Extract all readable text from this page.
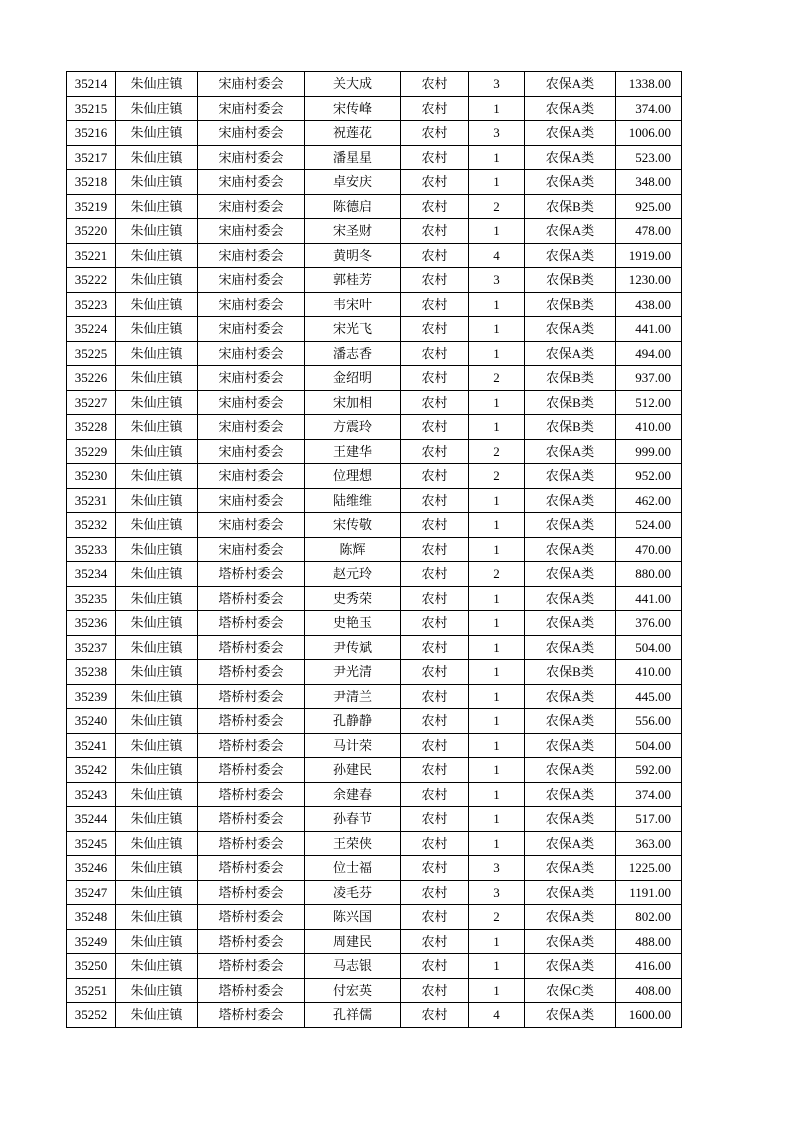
35214	朱仙庄镇	宋庙村委会	关大成	农村	3	农保A类	1338.00
35215	朱仙庄镇	宋庙村委会	宋传峰	农村	1	农保A类	374.00
35216	朱仙庄镇	宋庙村委会	祝莲花	农村	3	农保A类	1006.00
35217	朱仙庄镇	宋庙村委会	潘星星	农村	1	农保A类	523.00
35218	朱仙庄镇	宋庙村委会	卓安庆	农村	1	农保A类	348.00
35219	朱仙庄镇	宋庙村委会	陈德启	农村	2	农保B类	925.00
35220	朱仙庄镇	宋庙村委会	宋圣财	农村	1	农保A类	478.00
35221	朱仙庄镇	宋庙村委会	黄明冬	农村	4	农保A类	1919.00
35222	朱仙庄镇	宋庙村委会	郭桂芳	农村	3	农保B类	1230.00
35223	朱仙庄镇	宋庙村委会	韦宋叶	农村	1	农保B类	438.00
35224	朱仙庄镇	宋庙村委会	宋光飞	农村	1	农保A类	441.00
35225	朱仙庄镇	宋庙村委会	潘志香	农村	1	农保A类	494.00
35226	朱仙庄镇	宋庙村委会	金绍明	农村	2	农保B类	937.00
35227	朱仙庄镇	宋庙村委会	宋加相	农村	1	农保B类	512.00
35228	朱仙庄镇	宋庙村委会	方震玲	农村	1	农保B类	410.00
35229	朱仙庄镇	宋庙村委会	王建华	农村	2	农保A类	999.00
35230	朱仙庄镇	宋庙村委会	位理想	农村	2	农保A类	952.00
35231	朱仙庄镇	宋庙村委会	陆维维	农村	1	农保A类	462.00
35232	朱仙庄镇	宋庙村委会	宋传敬	农村	1	农保A类	524.00
35233	朱仙庄镇	宋庙村委会	陈辉	农村	1	农保A类	470.00
35234	朱仙庄镇	塔桥村委会	赵元玲	农村	2	农保A类	880.00
35235	朱仙庄镇	塔桥村委会	史秀荣	农村	1	农保A类	441.00
35236	朱仙庄镇	塔桥村委会	史艳玉	农村	1	农保A类	376.00
35237	朱仙庄镇	塔桥村委会	尹传斌	农村	1	农保A类	504.00
35238	朱仙庄镇	塔桥村委会	尹光清	农村	1	农保B类	410.00
35239	朱仙庄镇	塔桥村委会	尹清兰	农村	1	农保A类	445.00
35240	朱仙庄镇	塔桥村委会	孔静静	农村	1	农保A类	556.00
35241	朱仙庄镇	塔桥村委会	马计荣	农村	1	农保A类	504.00
35242	朱仙庄镇	塔桥村委会	孙建民	农村	1	农保A类	592.00
35243	朱仙庄镇	塔桥村委会	余建春	农村	1	农保A类	374.00
35244	朱仙庄镇	塔桥村委会	孙春节	农村	1	农保A类	517.00
35245	朱仙庄镇	塔桥村委会	王荣侠	农村	1	农保A类	363.00
35246	朱仙庄镇	塔桥村委会	位士福	农村	3	农保A类	1225.00
35247	朱仙庄镇	塔桥村委会	凌毛芬	农村	3	农保A类	1191.00
35248	朱仙庄镇	塔桥村委会	陈兴国	农村	2	农保A类	802.00
35249	朱仙庄镇	塔桥村委会	周建民	农村	1	农保A类	488.00
35250	朱仙庄镇	塔桥村委会	马志银	农村	1	农保A类	416.00
35251	朱仙庄镇	塔桥村委会	付宏英	农村	1	农保C类	408.00
35252	朱仙庄镇	塔桥村委会	孔祥儒	农村	4	农保A类	1600.00
